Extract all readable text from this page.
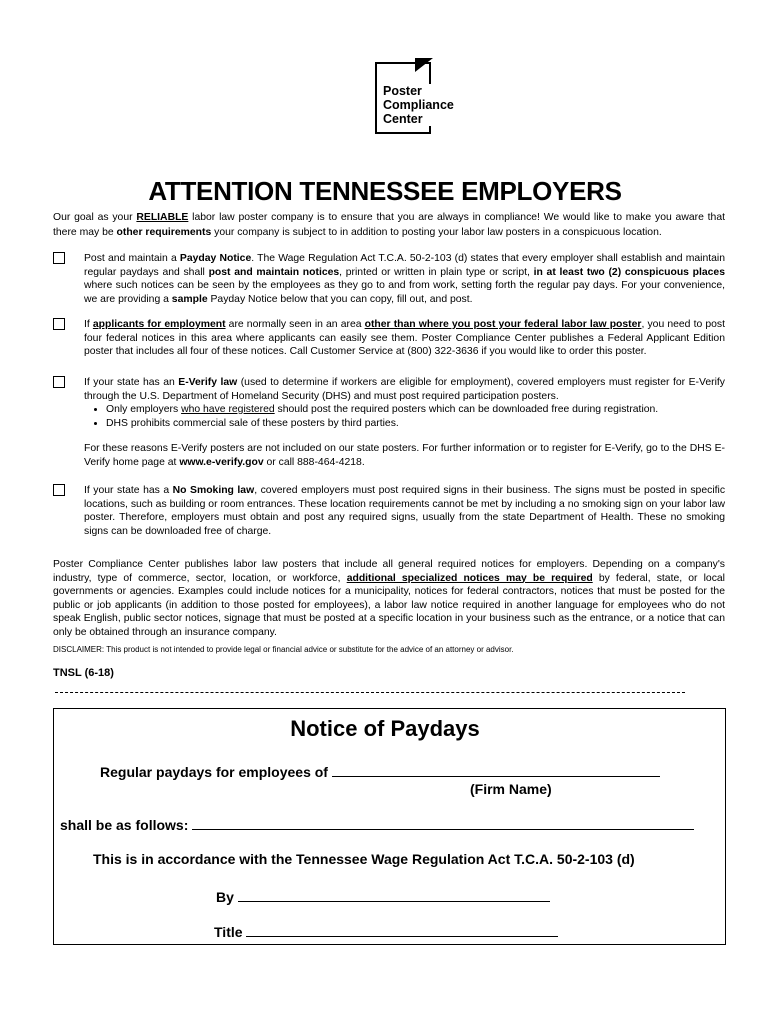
Poster
Compliance
Center
ATTENTION TENNESSEE EMPLOYERS
Our goal as your RELIABLE labor law poster company is to ensure that you are always in compliance! We would like to make you aware that there may be other requirements your company is subject to in addition to posting your labor law posters in a conspicuous location.
Post and maintain a Payday Notice. The Wage Regulation Act T.C.A. 50-2-103 (d) states that every employer shall establish and maintain regular paydays and shall post and maintain notices, printed or written in plain type or script, in at least two (2) conspicuous places where such notices can be seen by the employees as they go to and from work, setting forth the regular pay days. For your convenience, we are providing a sample Payday Notice below that you can copy, fill out, and post.
If applicants for employment are normally seen in an area other than where you post your federal labor law poster, you need to post four federal notices in this area where applicants can easily see them. Poster Compliance Center publishes a Federal Applicant Edition poster that includes all four of these notices. Call Customer Service at (800) 322-3636 if you would like to order this poster.

If your state has an E-Verify law (used to determine if workers are eligible for employment), covered employers must register for E-Verify through the U.S. Department of Homeland Security (DHS) and must post required participation posters.

• Only employers who have registered should post the required posters which can be downloaded free during registration.
• DHS prohibits commercial sale of these posters by third parties.

For these reasons E-Verify posters are not included on our state posters. For further information or to register for E-Verify, go to the DHS E-Verify home page at www.e-verify.gov or call 888-464-4218.

If your state has a No Smoking law, covered employers must post required signs in their business. The signs must be posted in specific locations, such as building or room entrances. These location requirements cannot be met by including a no smoking sign on your labor law poster. Therefore, employers must obtain and post any required signs, usually from the state Department of Health. These no smoking signs can be downloaded free of charge.
Poster Compliance Center publishes labor law posters that include all general required notices for employers. Depending on a company's industry, type of commerce, sector, location, or workforce, additional specialized notices may be required by federal, state, or local governments or agencies. Examples could include notices for a municipality, notices for federal contractors, notices that must be posted for the public or job applicants (in addition to those posted for employees), a labor law notice required in another language for employees who do not speak English, public sector notices, signage that must be posted at a specific location in your business such as the entrance, or a notice that can only be obtained through an insurance company.
DISCLAIMER: This product is not intended to provide legal or financial advice or substitute for the advice of an attorney or advisor.
TNSL (6-18)
Notice of Paydays
Regular paydays for employees of
(Firm Name)
shall be as follows:
This is in accordance with the Tennessee Wage Regulation Act T.C.A. 50-2-103 (d)
By
Title
